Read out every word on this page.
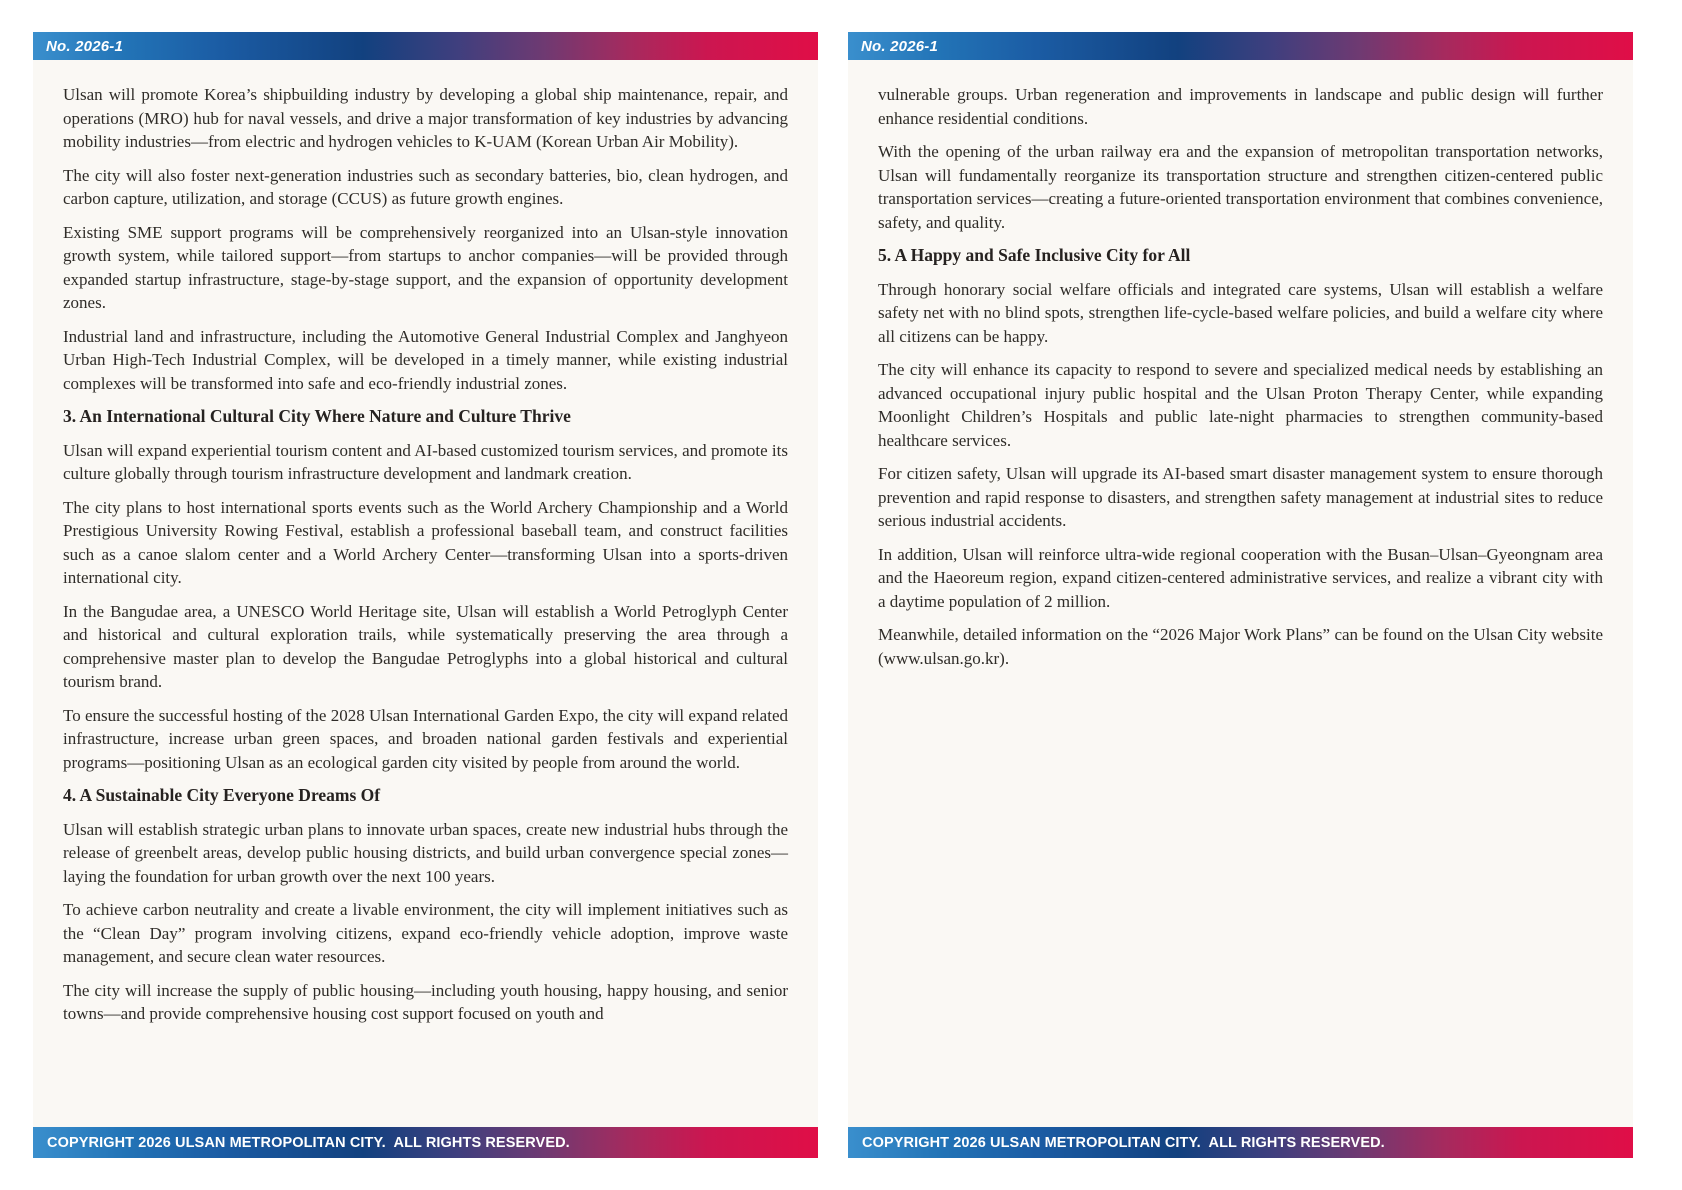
No. 2026-1

Ulsan will promote Korea’s shipbuilding industry by developing a global ship maintenance, repair, and operations (MRO) hub for naval vessels, and drive a major transformation of key industries by advancing mobility industries—from electric and hydrogen vehicles to K-UAM (Korean Urban Air Mobility).

The city will also foster next-generation industries such as secondary batteries, bio, clean hydrogen, and carbon capture, utilization, and storage (CCUS) as future growth engines.

Existing SME support programs will be comprehensively reorganized into an Ulsan-style innovation growth system, while tailored support—from startups to anchor companies—will be provided through expanded startup infrastructure, stage-by-stage support, and the expansion of opportunity development zones.

Industrial land and infrastructure, including the Automotive General Industrial Complex and Janghyeon Urban High-Tech Industrial Complex, will be developed in a timely manner, while existing industrial complexes will be transformed into safe and eco-friendly industrial zones.

3. An International Cultural City Where Nature and Culture Thrive

Ulsan will expand experiential tourism content and AI-based customized tourism services, and promote its culture globally through tourism infrastructure development and landmark creation.

The city plans to host international sports events such as the World Archery Championship and a World Prestigious University Rowing Festival, establish a professional baseball team, and construct facilities such as a canoe slalom center and a World Archery Center—transforming Ulsan into a sports-driven international city.

In the Bangudae area, a UNESCO World Heritage site, Ulsan will establish a World Petroglyph Center and historical and cultural exploration trails, while systematically preserving the area through a comprehensive master plan to develop the Bangudae Petroglyphs into a global historical and cultural tourism brand.

To ensure the successful hosting of the 2028 Ulsan International Garden Expo, the city will expand related infrastructure, increase urban green spaces, and broaden national garden festivals and experiential programs—positioning Ulsan as an ecological garden city visited by people from around the world.

4. A Sustainable City Everyone Dreams Of

Ulsan will establish strategic urban plans to innovate urban spaces, create new industrial hubs through the release of greenbelt areas, develop public housing districts, and build urban convergence special zones—laying the foundation for urban growth over the next 100 years.

To achieve carbon neutrality and create a livable environment, the city will implement initiatives such as the “Clean Day” program involving citizens, expand eco-friendly vehicle adoption, improve waste management, and secure clean water resources.

The city will increase the supply of public housing—including youth housing, happy housing, and senior towns—and provide comprehensive housing cost support focused on youth and

COPYRIGHT 2026 ULSAN METROPOLITAN CITY.  ALL RIGHTS RESERVED.
No. 2026-1

vulnerable groups. Urban regeneration and improvements in landscape and public design will further enhance residential conditions.

With the opening of the urban railway era and the expansion of metropolitan transportation networks, Ulsan will fundamentally reorganize its transportation structure and strengthen citizen-centered public transportation services—creating a future-oriented transportation environment that combines convenience, safety, and quality.

5. A Happy and Safe Inclusive City for All

Through honorary social welfare officials and integrated care systems, Ulsan will establish a welfare safety net with no blind spots, strengthen life-cycle-based welfare policies, and build a welfare city where all citizens can be happy.

The city will enhance its capacity to respond to severe and specialized medical needs by establishing an advanced occupational injury public hospital and the Ulsan Proton Therapy Center, while expanding Moonlight Children’s Hospitals and public late-night pharmacies to strengthen community-based healthcare services.

For citizen safety, Ulsan will upgrade its AI-based smart disaster management system to ensure thorough prevention and rapid response to disasters, and strengthen safety management at industrial sites to reduce serious industrial accidents.

In addition, Ulsan will reinforce ultra-wide regional cooperation with the Busan–Ulsan–Gyeongnam area and the Haeoreum region, expand citizen-centered administrative services, and realize a vibrant city with a daytime population of 2 million.

Meanwhile, detailed information on the “2026 Major Work Plans” can be found on the Ulsan City website (www.ulsan.go.kr).

COPYRIGHT 2026 ULSAN METROPOLITAN CITY.  ALL RIGHTS RESERVED.
